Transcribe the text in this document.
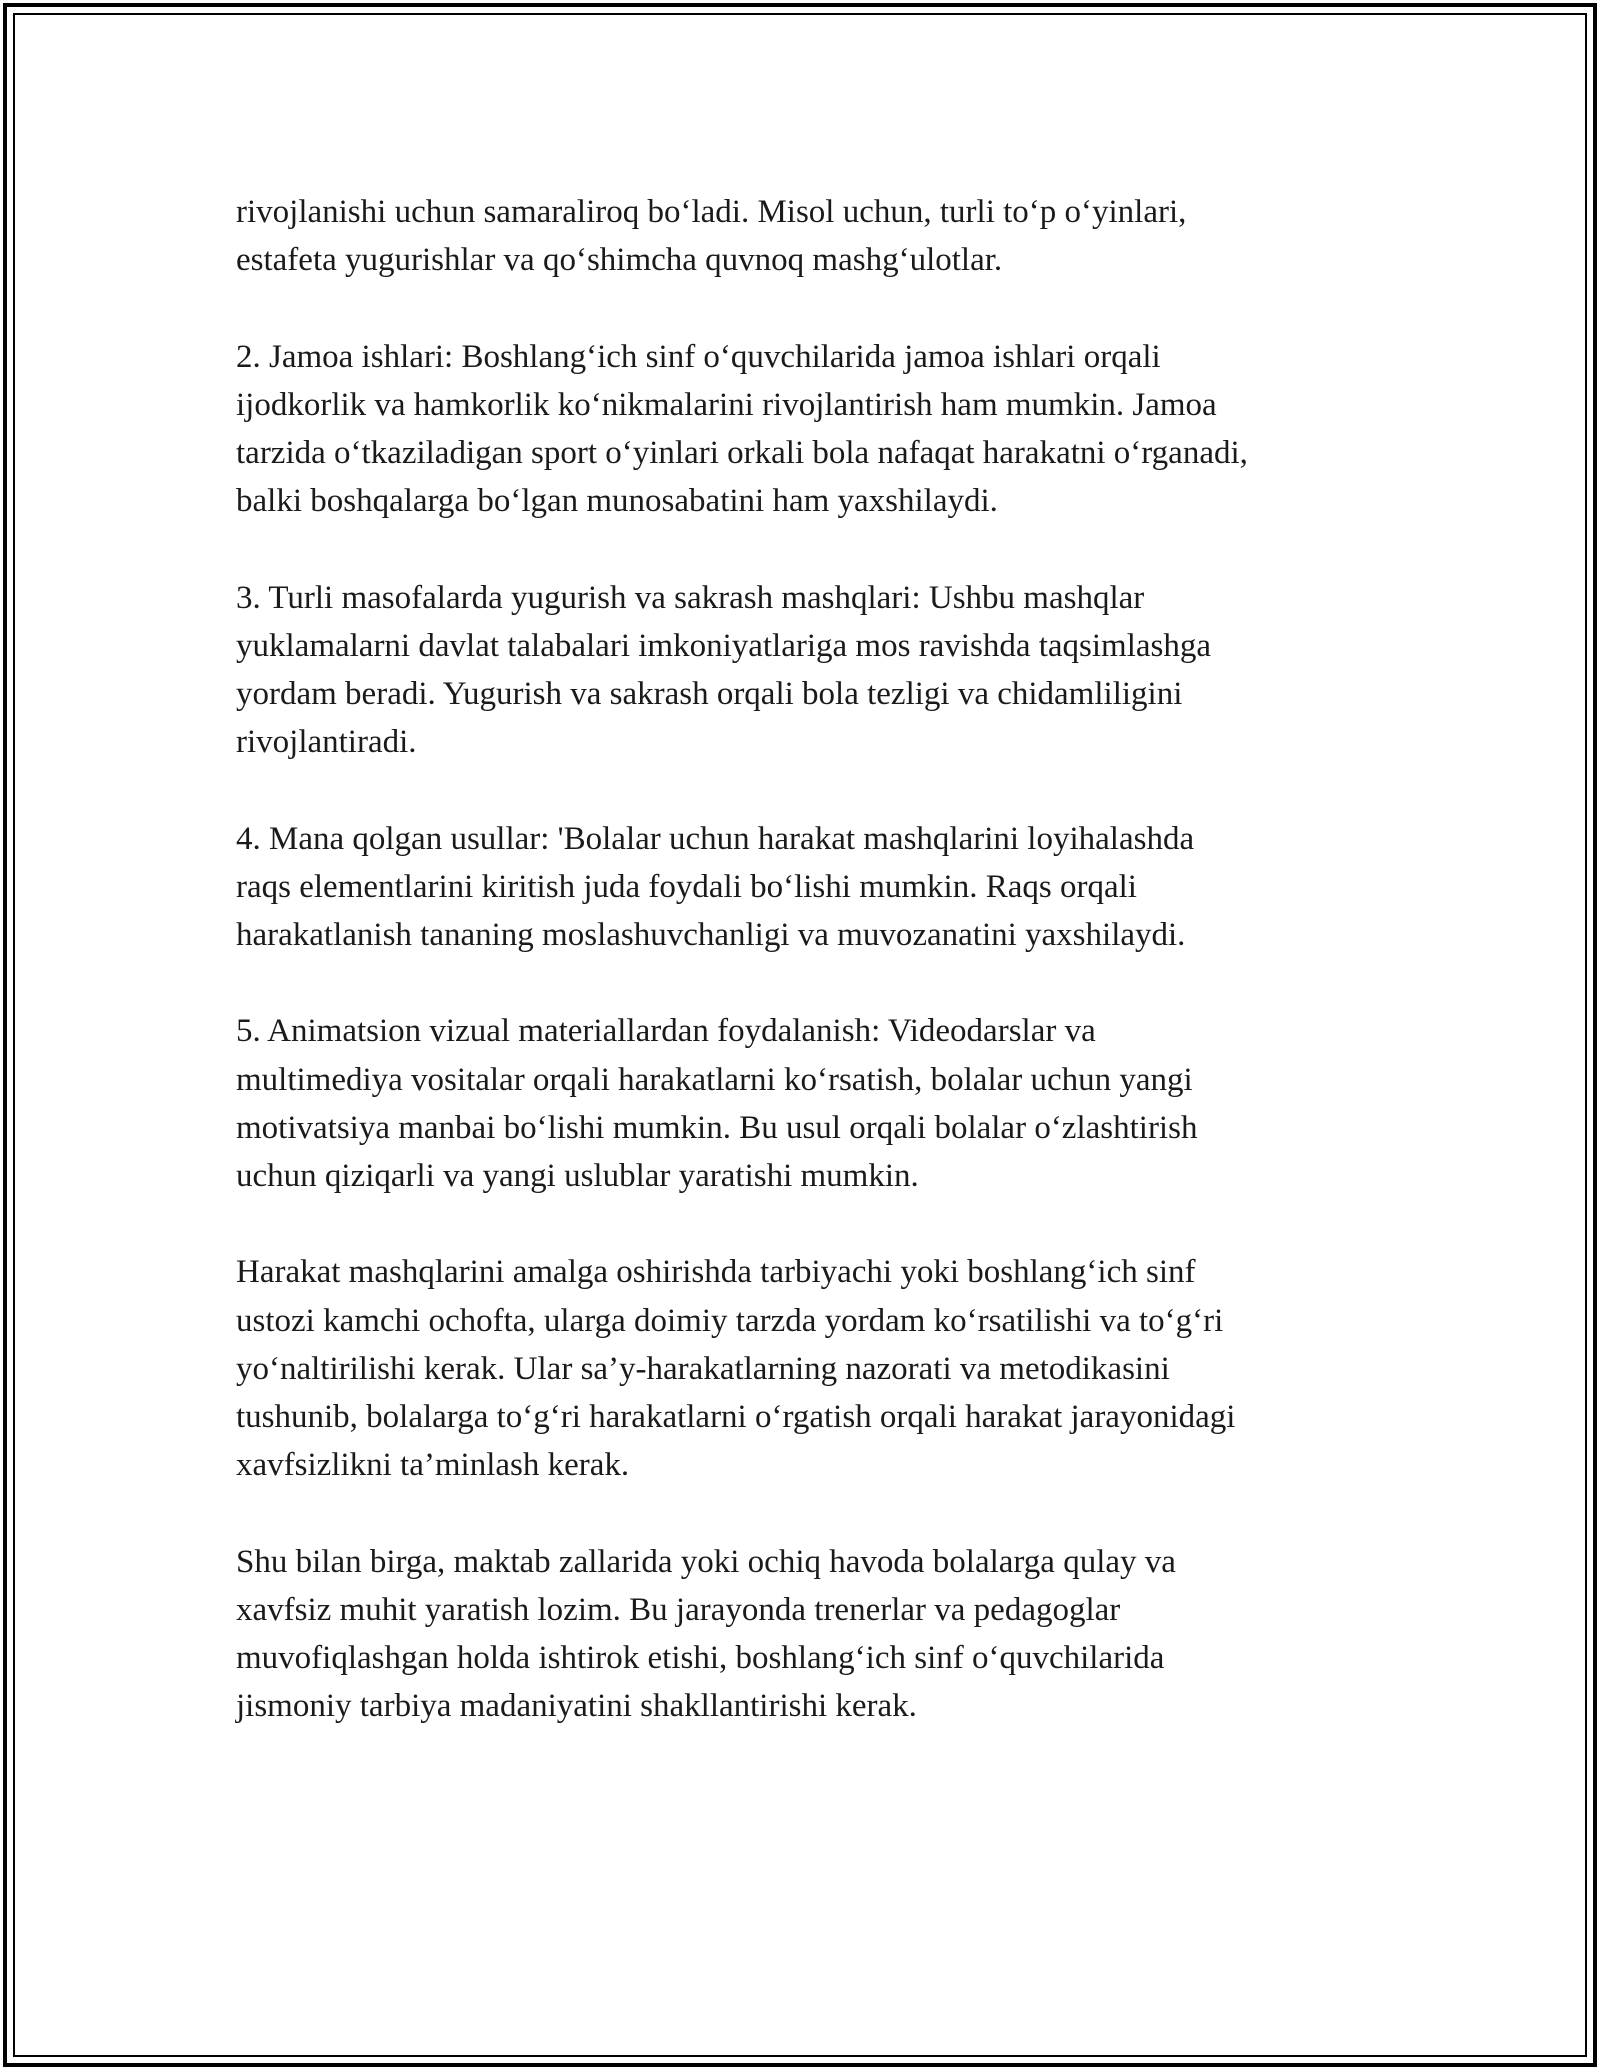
rivojlanishi uchun samaraliroq bo‘ladi. Misol uchun, turli to‘p o‘yinlari,
estafeta yugurishlar va qo‘shimcha quvnoq mashg‘ulotlar.

2. Jamoa ishlari: Boshlang‘ich sinf o‘quvchilarida jamoa ishlari orqali
ijodkorlik va hamkorlik ko‘nikmalarini rivojlantirish ham mumkin. Jamoa
tarzida o‘tkaziladigan sport o‘yinlari orkali bola nafaqat harakatni o‘rganadi,
balki boshqalarga bo‘lgan munosabatini ham yaxshilaydi.

3. Turli masofalarda yugurish va sakrash mashqlari: Ushbu mashqlar
yuklamalarni davlat talabalari imkoniyatlariga mos ravishda taqsimlashga
yordam beradi. Yugurish va sakrash orqali bola tezligi va chidamliligini
rivojlantiradi.

4. Mana qolgan usullar: 'Bolalar uchun harakat mashqlarini loyihalashda
raqs elementlarini kiritish juda foydali bo‘lishi mumkin. Raqs orqali
harakatlanish tananing moslashuvchanligi va muvozanatini yaxshilaydi.

5. Animatsion vizual materiallardan foydalanish: Videodarslar va
multimediya vositalar orqali harakatlarni ko‘rsatish, bolalar uchun yangi
motivatsiya manbai bo‘lishi mumkin. Bu usul orqali bolalar o‘zlashtirish
uchun qiziqarli va yangi uslublar yaratishi mumkin.

Harakat mashqlarini amalga oshirishda tarbiyachi yoki boshlang‘ich sinf
ustozi kamchi ochofta, ularga doimiy tarzda yordam ko‘rsatilishi va to‘g‘ri
yo‘naltirilishi kerak. Ular sa’y-harakatlarning nazorati va metodikasini
tushunib, bolalarga to‘g‘ri harakatlarni o‘rgatish orqali harakat jarayonidagi
xavfsizlikni ta’minlash kerak.

Shu bilan birga, maktab zallarida yoki ochiq havoda bolalarga qulay va
xavfsiz muhit yaratish lozim. Bu jarayonda trenerlar va pedagoglar
muvofiqlashgan holda ishtirok etishi, boshlang‘ich sinf o‘quvchilarida
jismoniy tarbiya madaniyatini shakllantirishi kerak.
